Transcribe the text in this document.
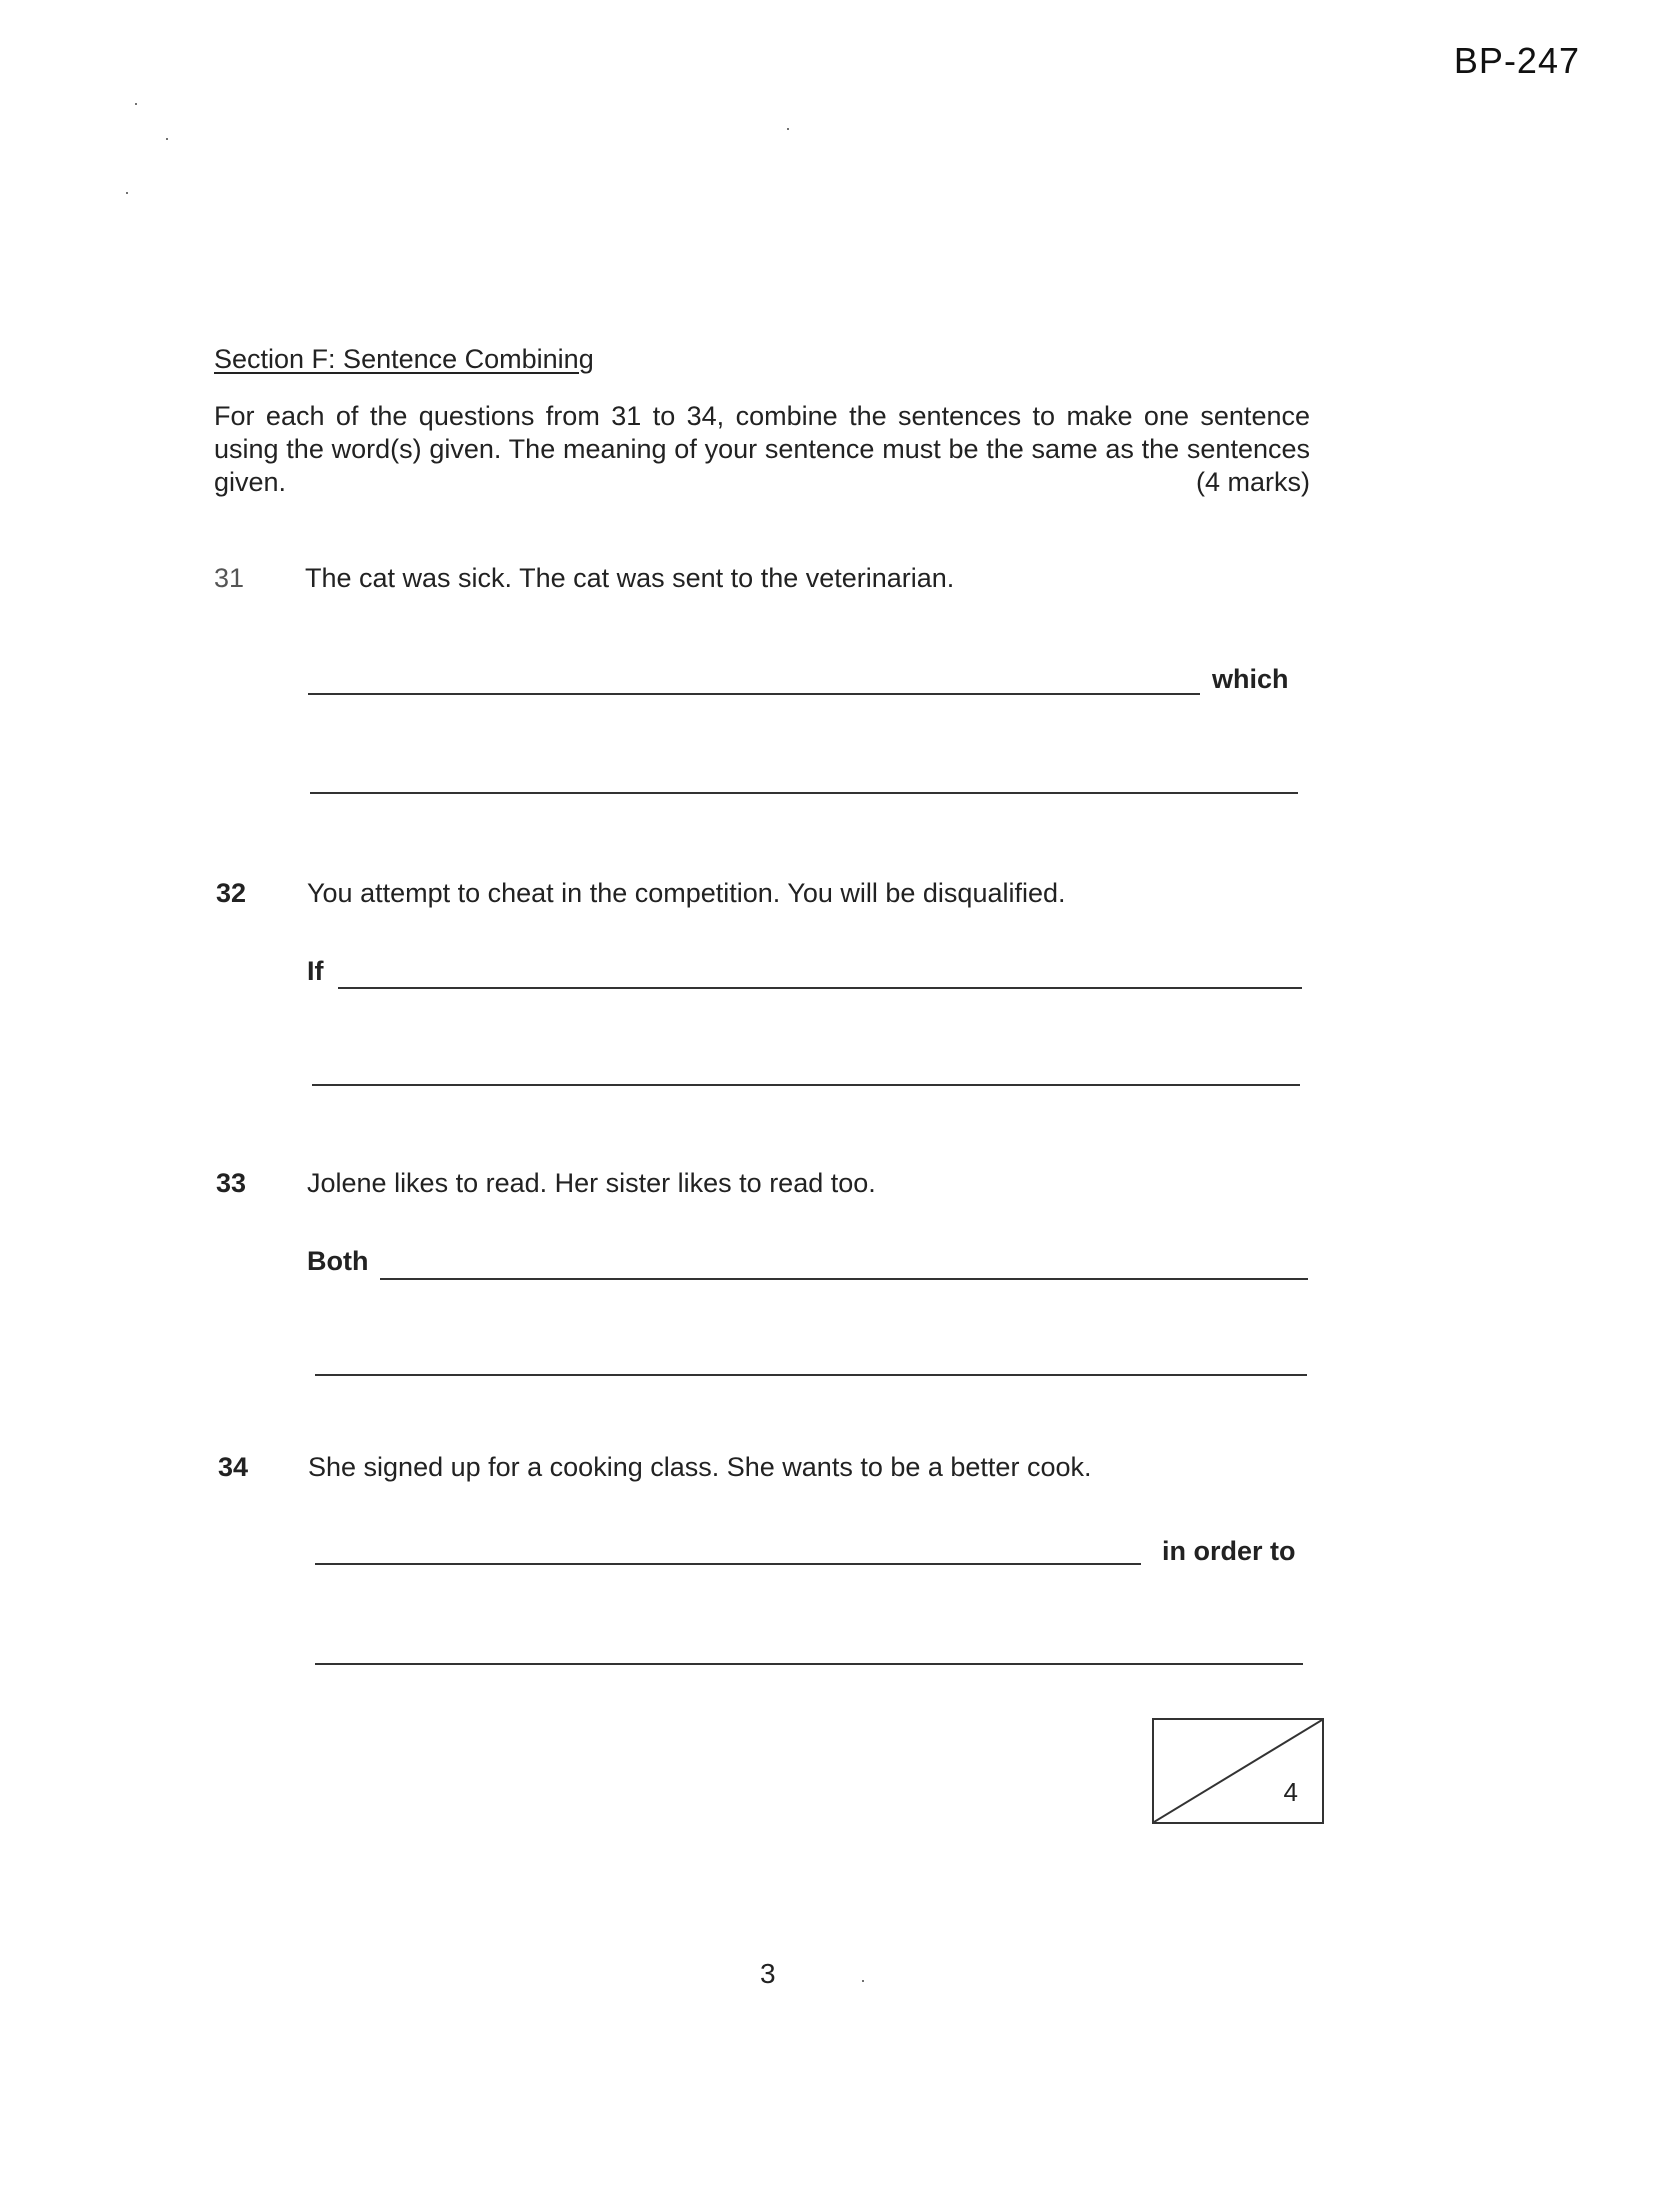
BP-247
Section F: Sentence Combining
For each of the questions from 31 to 34, combine the sentences to make one sentence using the word(s) given. The meaning of your sentence must be the same as the sentences given.	(4 marks)
31 The cat was sick. The cat was sent to the veterinarian.
which
32 You attempt to cheat in the competition. You will be disqualified.
If
33 Jolene likes to read. Her sister likes to read too.
Both
34 She signed up for a cooking class. She wants to be a better cook.
in order to
4
3
